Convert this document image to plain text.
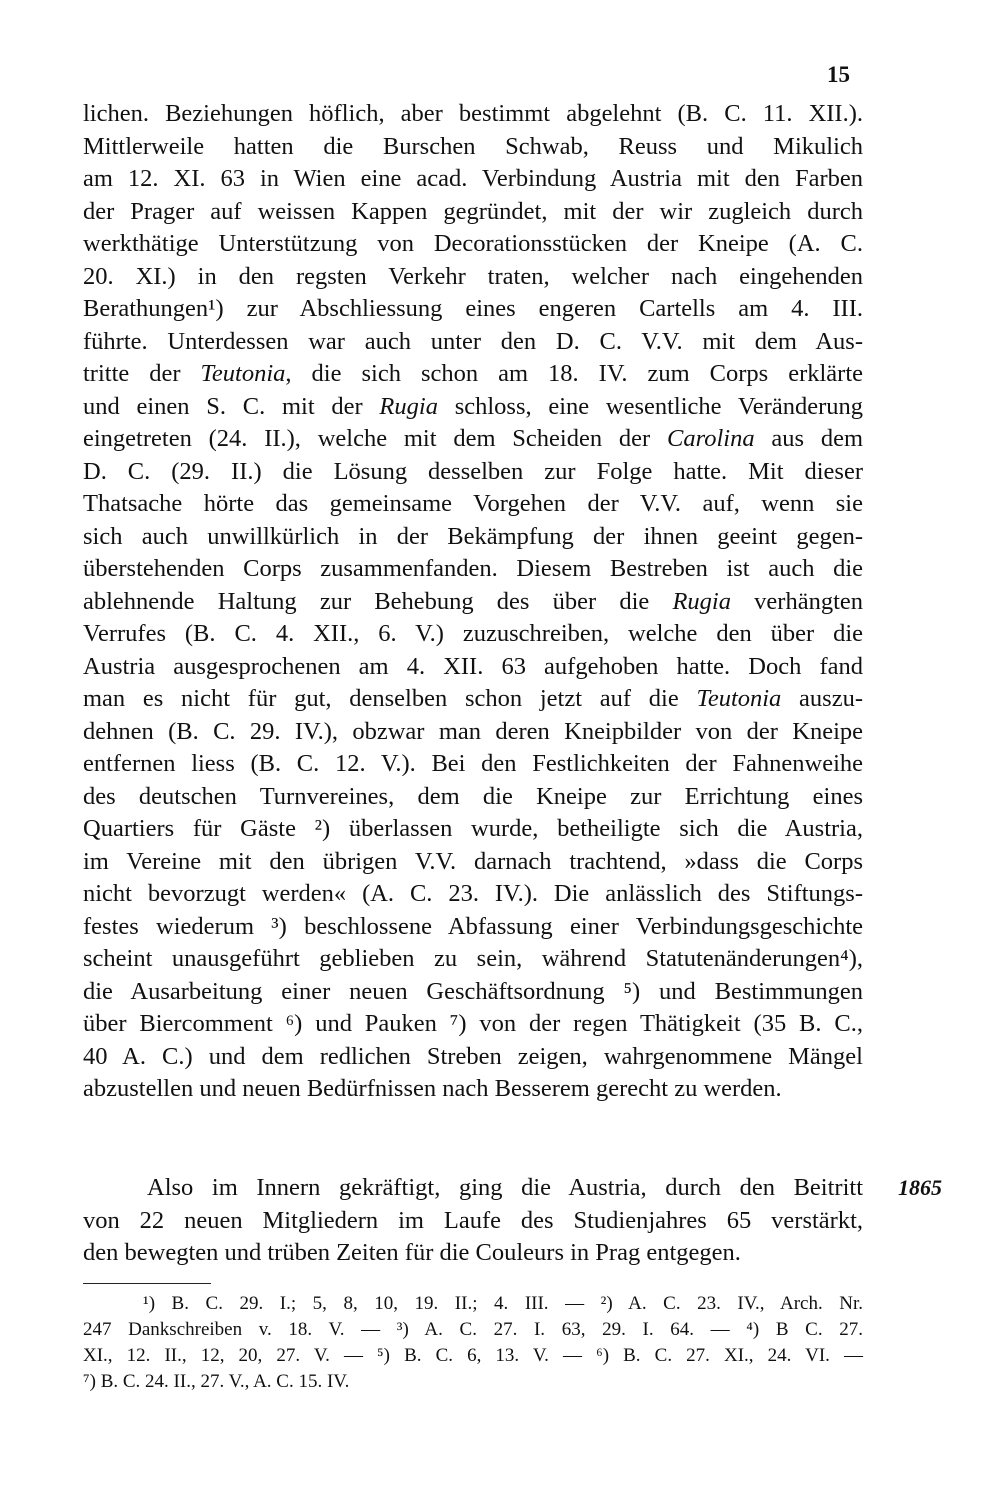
15
lichen. Beziehungen höflich, aber bestimmt abgelehnt (B. C. 11. XII.).
Mittlerweile hatten die Burschen Schwab, Reuss und Mikulich
am 12. XI. 63 in Wien eine acad. Verbindung Austria mit den Farben
der Prager auf weissen Kappen gegründet, mit der wir zugleich durch
werkthätige Unterstützung von Decorationsstücken der Kneipe (A. C.
20. XI.) in den regsten Verkehr traten, welcher nach eingehenden
Berathungen¹) zur Abschliessung eines engeren Cartells am 4. III.
führte. Unterdessen war auch unter den D. C. V.V. mit dem Aus-
tritte der Teutonia, die sich schon am 18. IV. zum Corps erklärte
und einen S. C. mit der Rugia schloss, eine wesentliche Veränderung
eingetreten (24. II.), welche mit dem Scheiden der Carolina aus dem
D. C. (29. II.) die Lösung desselben zur Folge hatte. Mit dieser
Thatsache hörte das gemeinsame Vorgehen der V.V. auf, wenn sie
sich auch unwillkürlich in der Bekämpfung der ihnen geeint gegen-
überstehenden Corps zusammenfanden. Diesem Bestreben ist auch die
ablehnende Haltung zur Behebung des über die Rugia verhängten
Verrufes (B. C. 4. XII., 6. V.) zuzuschreiben, welche den über die
Austria ausgesprochenen am 4. XII. 63 aufgehoben hatte. Doch fand
man es nicht für gut, denselben schon jetzt auf die Teutonia auszu-
dehnen (B. C. 29. IV.), obzwar man deren Kneipbilder von der Kneipe
entfernen liess (B. C. 12. V.). Bei den Festlichkeiten der Fahnenweihe
des deutschen Turnvereines, dem die Kneipe zur Errichtung eines
Quartiers für Gäste ²) überlassen wurde, betheiligte sich die Austria,
im Vereine mit den übrigen V.V. darnach trachtend, »dass die Corps
nicht bevorzugt werden« (A. C. 23. IV.). Die anlässlich des Stiftungs-
festes wiederum ³) beschlossene Abfassung einer Verbindungsgeschichte
scheint unausgeführt geblieben zu sein, während Statutenänderungen⁴),
die Ausarbeitung einer neuen Geschäftsordnung ⁵) und Bestimmungen
über Biercomment ⁶) und Pauken ⁷) von der regen Thätigkeit (35 B. C.,
40 A. C.) und dem redlichen Streben zeigen, wahrgenommene Mängel
abzustellen und neuen Bedürfnissen nach Besserem gerecht zu werden.
Also im Innern gekräftigt, ging die Austria, durch den Beitritt
von 22 neuen Mitgliedern im Laufe des Studienjahres 65 verstärkt,
den bewegten und trüben Zeiten für die Couleurs in Prag entgegen.
1865
¹) B. C. 29. I.; 5, 8, 10, 19. II.; 4. III. — ²) A. C. 23. IV., Arch. Nr.
247 Dankschreiben v. 18. V. — ³) A. C. 27. I. 63, 29. I. 64. — ⁴) B C. 27.
XI., 12. II., 12, 20, 27. V. — ⁵) B. C. 6, 13. V. — ⁶) B. C. 27. XI., 24. VI. —
⁷) B. C. 24. II., 27. V., A. C. 15. IV.
